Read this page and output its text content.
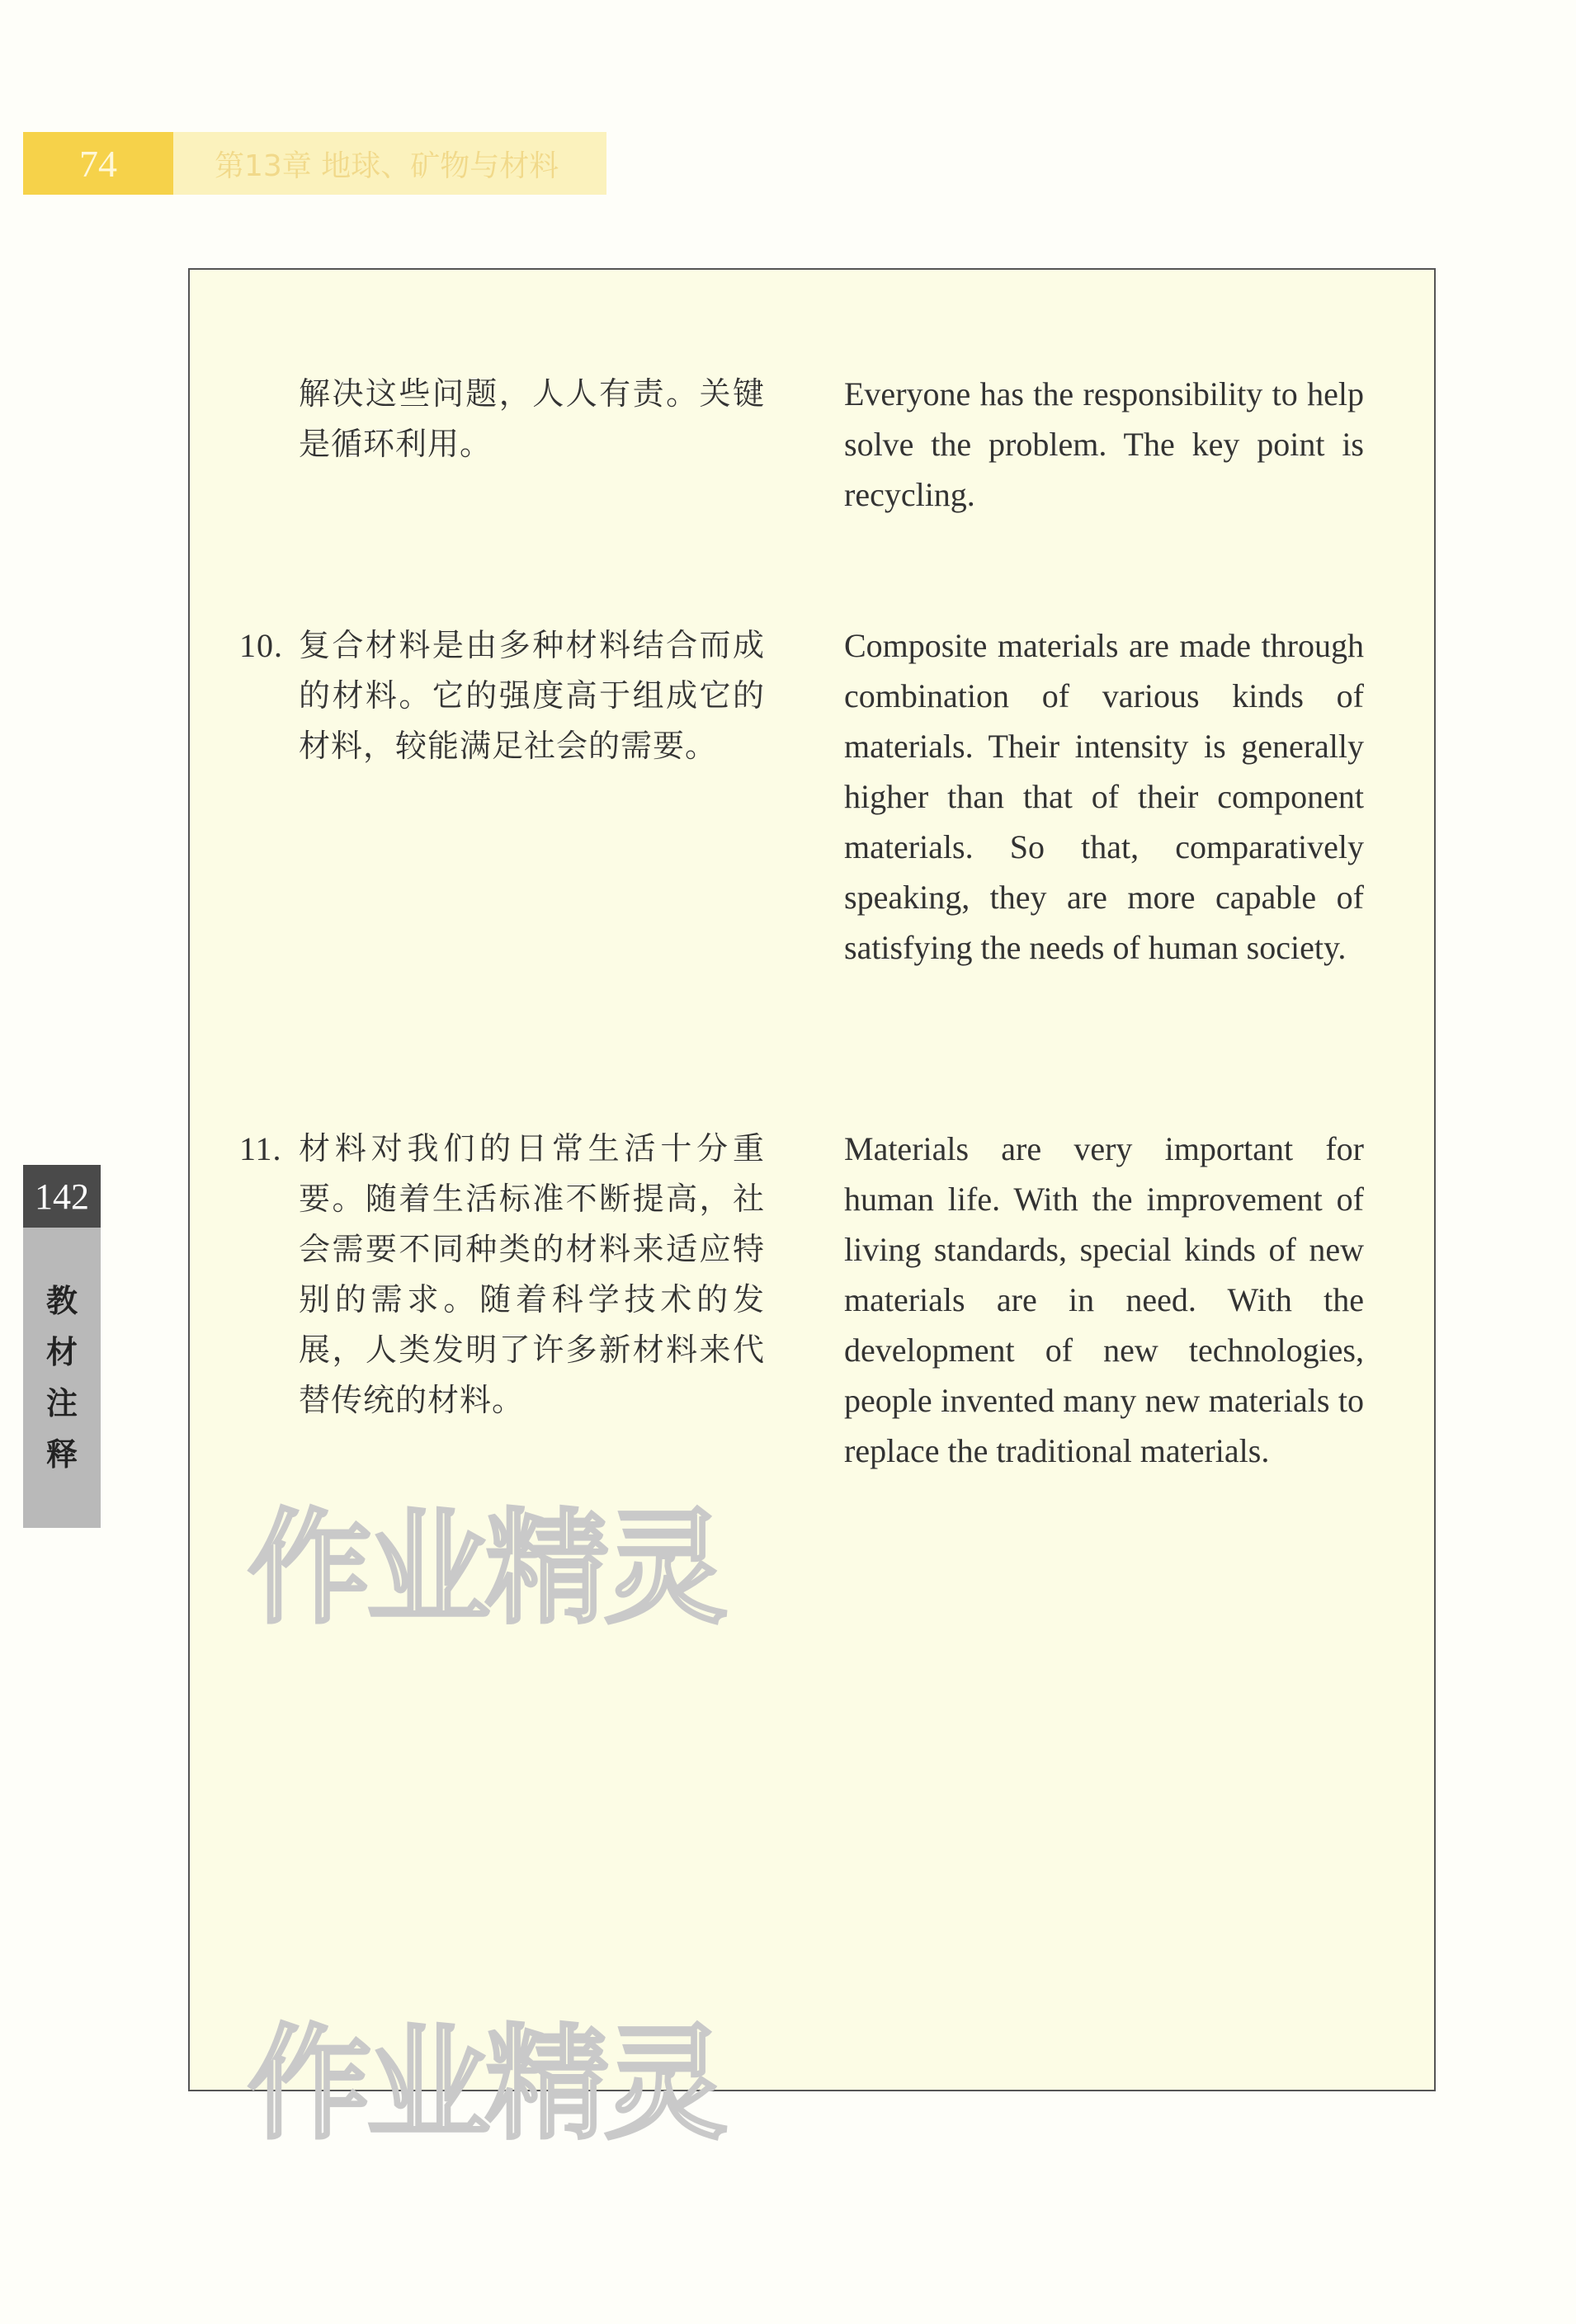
74	第13章 地球、矿物与材料
142
教
材
注
释
解决这些问题，人人有责。关键是循环利用。
Everyone has the responsibility to help solve the problem. The key point is recycling.
10. 复合材料是由多种材料结合而成的材料。它的强度高于组成它的材料，较能满足社会的需要。
Composite materials are made through combination of various kinds of materials. Their intensity is generally higher than that of their component materials. So that, comparatively speaking, they are more capable of satisfying the needs of human society.
11. 材料对我们的日常生活十分重要。随着生活标准不断提高，社会需要不同种类的材料来适应特别的需求。随着科学技术的发展，人类发明了许多新材料来代替传统的材料。
Materials are very important for human life. With the improvement of living standards, special kinds of new materials are in need. With the development of new technologies, people invented many new materials to replace the traditional materials.
作业精灵
作业精灵
